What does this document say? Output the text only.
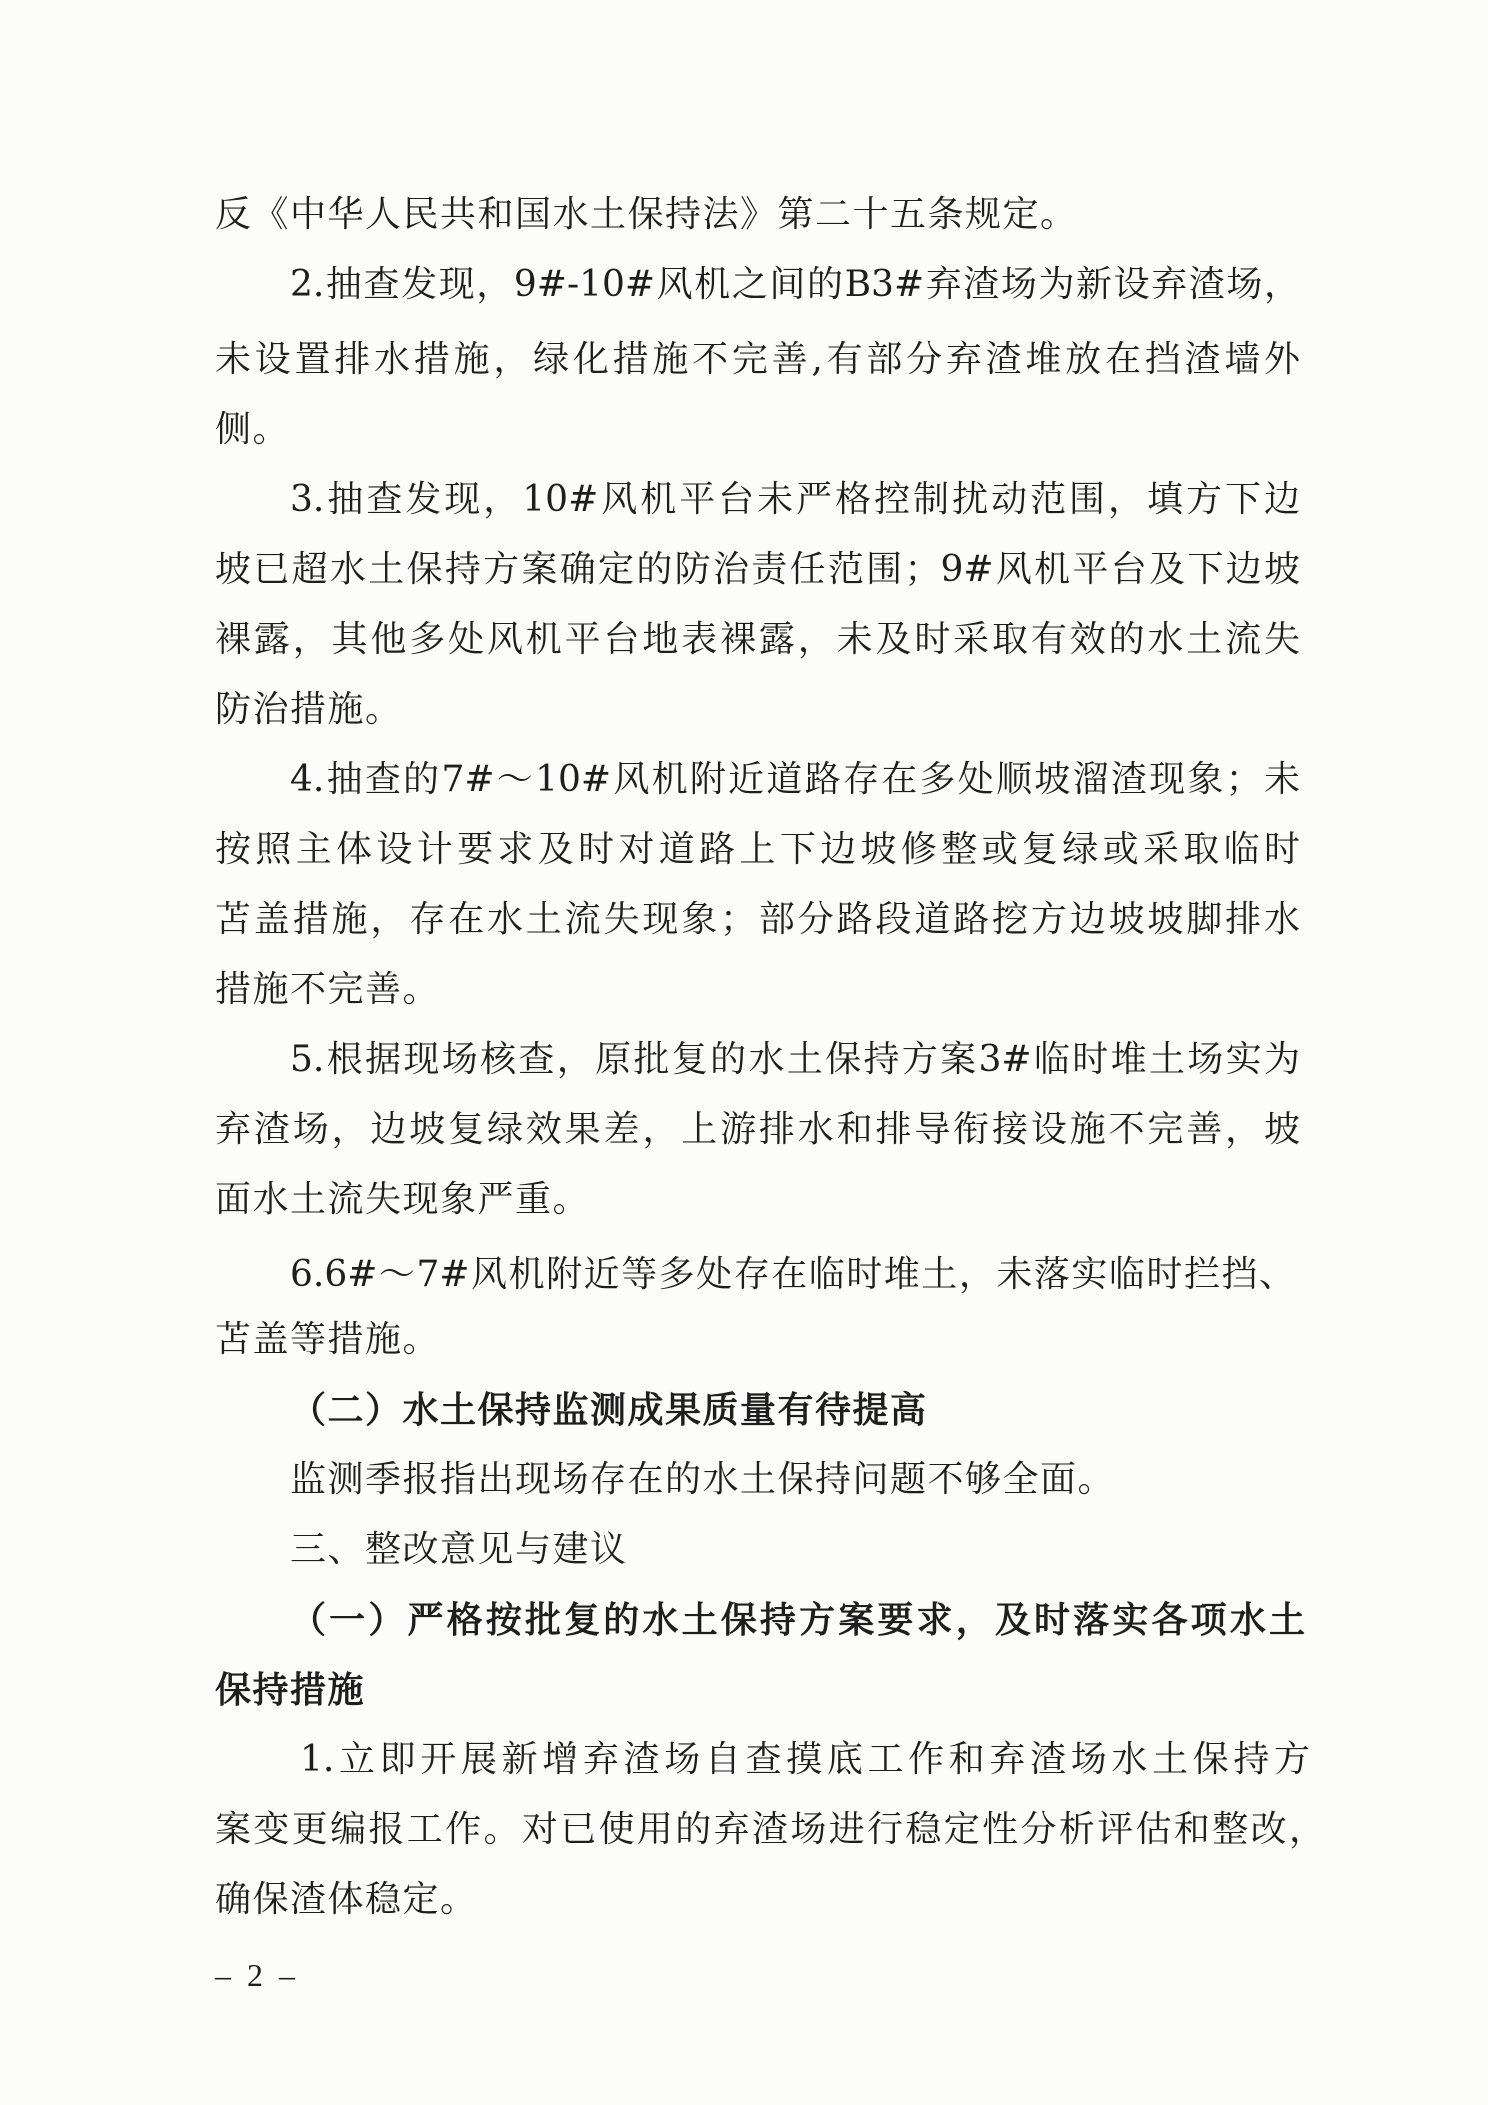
反《中华人民共和国水土保持法》第二十五条规定。
2.抽查发现，9#-10#风机之间的B3#弃渣场为新设弃渣场，
未设置排水措施，绿化措施不完善,有部分弃渣堆放在挡渣墙外
侧。
3.抽查发现，10#风机平台未严格控制扰动范围，填方下边
坡已超水土保持方案确定的防治责任范围；9#风机平台及下边坡
裸露，其他多处风机平台地表裸露，未及时采取有效的水土流失
防治措施。
4.抽查的7#～10#风机附近道路存在多处顺坡溜渣现象；未
按照主体设计要求及时对道路上下边坡修整或复绿或采取临时
苫盖措施，存在水土流失现象；部分路段道路挖方边坡坡脚排水
措施不完善。
5.根据现场核查，原批复的水土保持方案3#临时堆土场实为
弃渣场，边坡复绿效果差，上游排水和排导衔接设施不完善，坡
面水土流失现象严重。
6.6#～7#风机附近等多处存在临时堆土，未落实临时拦挡、
苫盖等措施。
（二）水土保持监测成果质量有待提高
监测季报指出现场存在的水土保持问题不够全面。
三、整改意见与建议
（一）严格按批复的水土保持方案要求，及时落实各项水土
保持措施
1.立即开展新增弃渣场自查摸底工作和弃渣场水土保持方
案变更编报工作。对已使用的弃渣场进行稳定性分析评估和整改，
确保渣体稳定。
– 2 –
